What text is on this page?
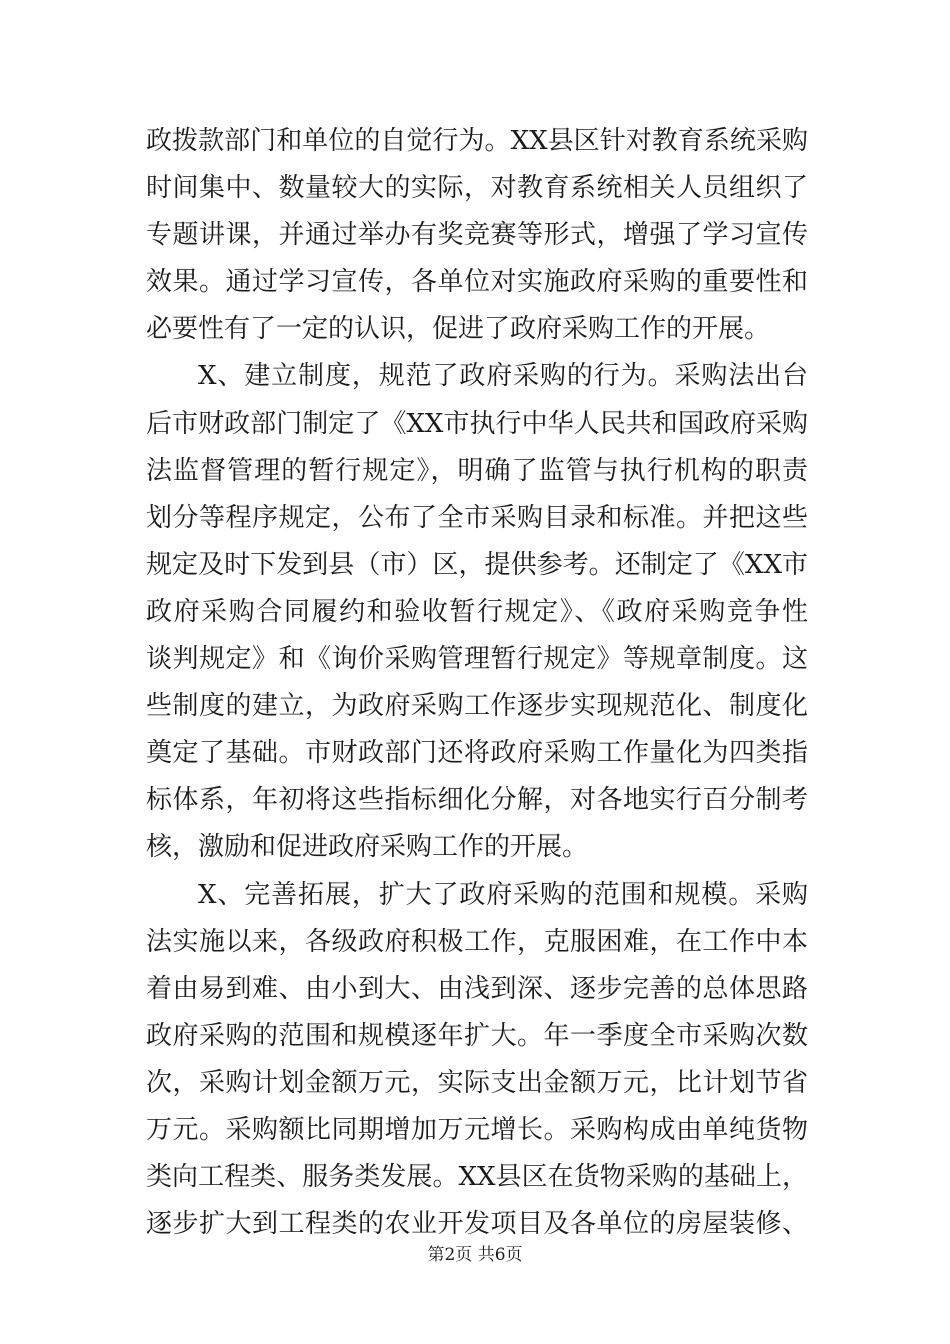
政拨款部门和单位的自觉行为。XX县区针对教育系统采购
时间集中、数量较大的实际，对教育系统相关人员组织了
专题讲课，并通过举办有奖竞赛等形式，增强了学习宣传
效果。通过学习宣传，各单位对实施政府采购的重要性和
必要性有了一定的认识，促进了政府采购工作的开展。
X、建立制度，规范了政府采购的行为。采购法出台
后市财政部门制定了《XX市执行中华人民共和国政府采购
法监督管理的暂行规定》，明确了监管与执行机构的职责
划分等程序规定，公布了全市采购目录和标准。并把这些
规定及时下发到县（市）区，提供参考。还制定了《XX市
政府采购合同履约和验收暂行规定》、《政府采购竞争性
谈判规定》和《询价采购管理暂行规定》等规章制度。这
些制度的建立，为政府采购工作逐步实现规范化、制度化
奠定了基础。市财政部门还将政府采购工作量化为四类指
标体系，年初将这些指标细化分解，对各地实行百分制考
核，激励和促进政府采购工作的开展。
X、完善拓展，扩大了政府采购的范围和规模。采购
法实施以来，各级政府积极工作，克服困难，在工作中本
着由易到难、由小到大、由浅到深、逐步完善的总体思路
政府采购的范围和规模逐年扩大。年一季度全市采购次数
次，采购计划金额万元，实际支出金额万元，比计划节省
万元。采购额比同期增加万元增长。采购构成由单纯货物
类向工程类、服务类发展。XX县区在货物采购的基础上，
逐步扩大到工程类的农业开发项目及各单位的房屋装修、
第2页 共6页
